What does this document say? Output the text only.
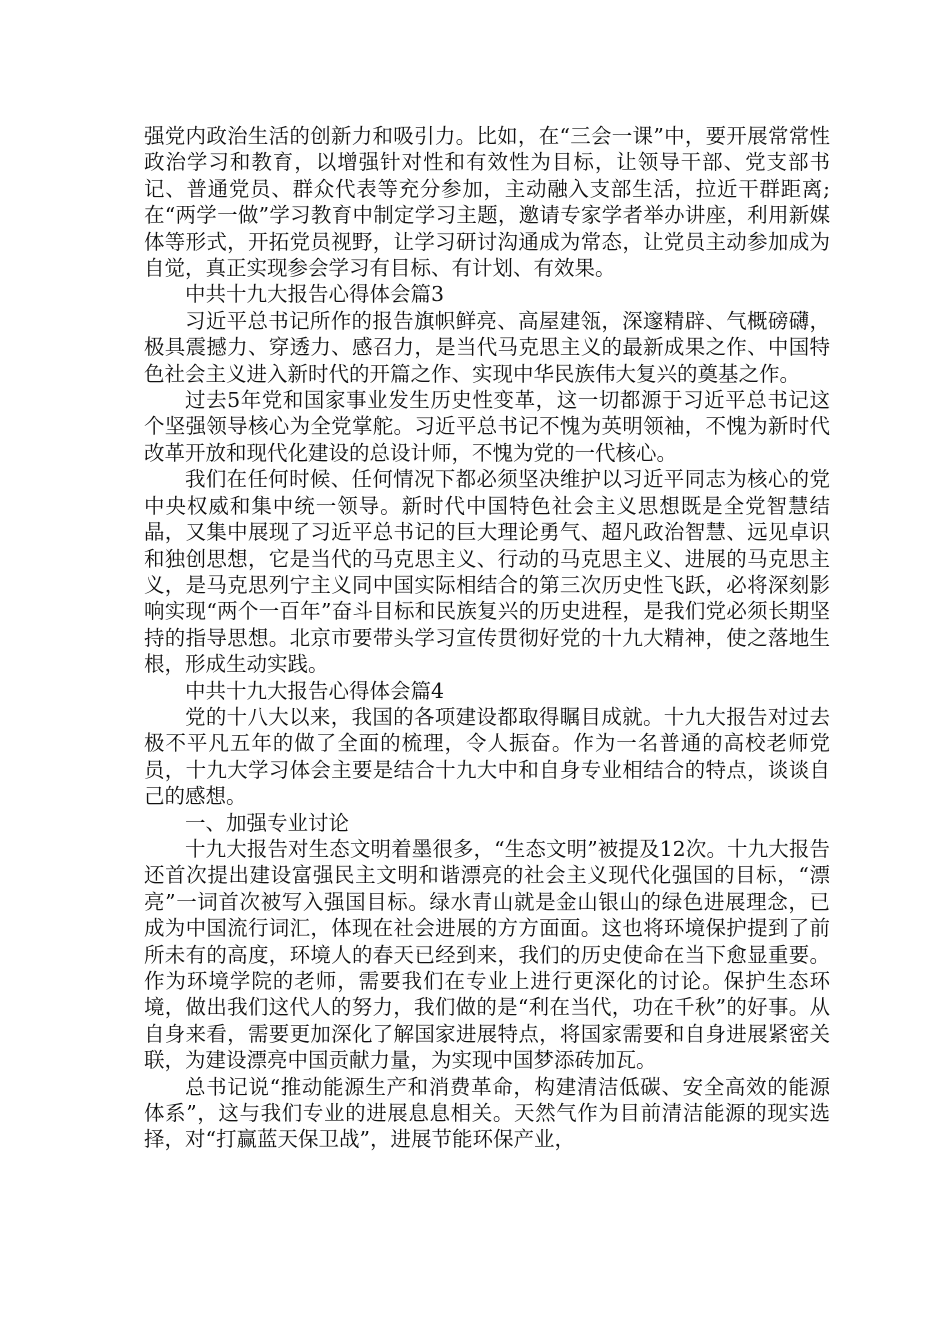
强党内政治生活的创新力和吸引力。比如，在“三会一课”中，要开展常常性政治学习和教育，以增强针对性和有效性为目标，让领导干部、党支部书记、普通党员、群众代表等充分参加，主动融入支部生活，拉近干群距离;在“两学一做”学习教育中制定学习主题，邀请专家学者举办讲座，利用新媒体等形式，开拓党员视野，让学习研讨沟通成为常态，让党员主动参加成为自觉，真正实现参会学习有目标、有计划、有效果。

中共十九大报告心得体会篇3

习近平总书记所作的报告旗帜鲜亮、高屋建瓴，深邃精辟、气概磅礴，极具震撼力、穿透力、感召力，是当代马克思主义的最新成果之作、中国特色社会主义进入新时代的开篇之作、实现中华民族伟大复兴的奠基之作。

过去5年党和国家事业发生历史性变革，这一切都源于习近平总书记这个坚强领导核心为全党掌舵。习近平总书记不愧为英明领袖，不愧为新时代改革开放和现代化建设的总设计师，不愧为党的一代核心。

我们在任何时候、任何情况下都必须坚决维护以习近平同志为核心的党中央权威和集中统一领导。新时代中国特色社会主义思想既是全党智慧结晶，又集中展现了习近平总书记的巨大理论勇气、超凡政治智慧、远见卓识和独创思想，它是当代的马克思主义、行动的马克思主义、进展的马克思主义，是马克思列宁主义同中国实际相结合的第三次历史性飞跃，必将深刻影响实现“两个一百年”奋斗目标和民族复兴的历史进程，是我们党必须长期坚持的指导思想。北京市要带头学习宣传贯彻好党的十九大精神，使之落地生根，形成生动实践。

中共十九大报告心得体会篇4

党的十八大以来，我国的各项建设都取得瞩目成就。十九大报告对过去极不平凡五年的做了全面的梳理，令人振奋。作为一名普通的高校老师党员，十九大学习体会主要是结合十九大中和自身专业相结合的特点，谈谈自己的感想。

一、加强专业讨论

十九大报告对生态文明着墨很多，“生态文明”被提及12次。十九大报告还首次提出建设富强民主文明和谐漂亮的社会主义现代化强国的目标，“漂亮”一词首次被写入强国目标。绿水青山就是金山银山的绿色进展理念，已成为中国流行词汇，体现在社会进展的方方面面。这也将环境保护提到了前所未有的高度，环境人的春天已经到来，我们的历史使命在当下愈显重要。作为环境学院的老师，需要我们在专业上进行更深化的讨论。保护生态环境，做出我们这代人的努力，我们做的是“利在当代，功在千秋”的好事。从自身来看，需要更加深化了解国家进展特点，将国家需要和自身进展紧密关联，为建设漂亮中国贡献力量，为实现中国梦添砖加瓦。

总书记说“推动能源生产和消费革命，构建清洁低碳、安全高效的能源体系”，这与我们专业的进展息息相关。天然气作为目前清洁能源的现实选择，对“打赢蓝天保卫战”，进展节能环保产业，
